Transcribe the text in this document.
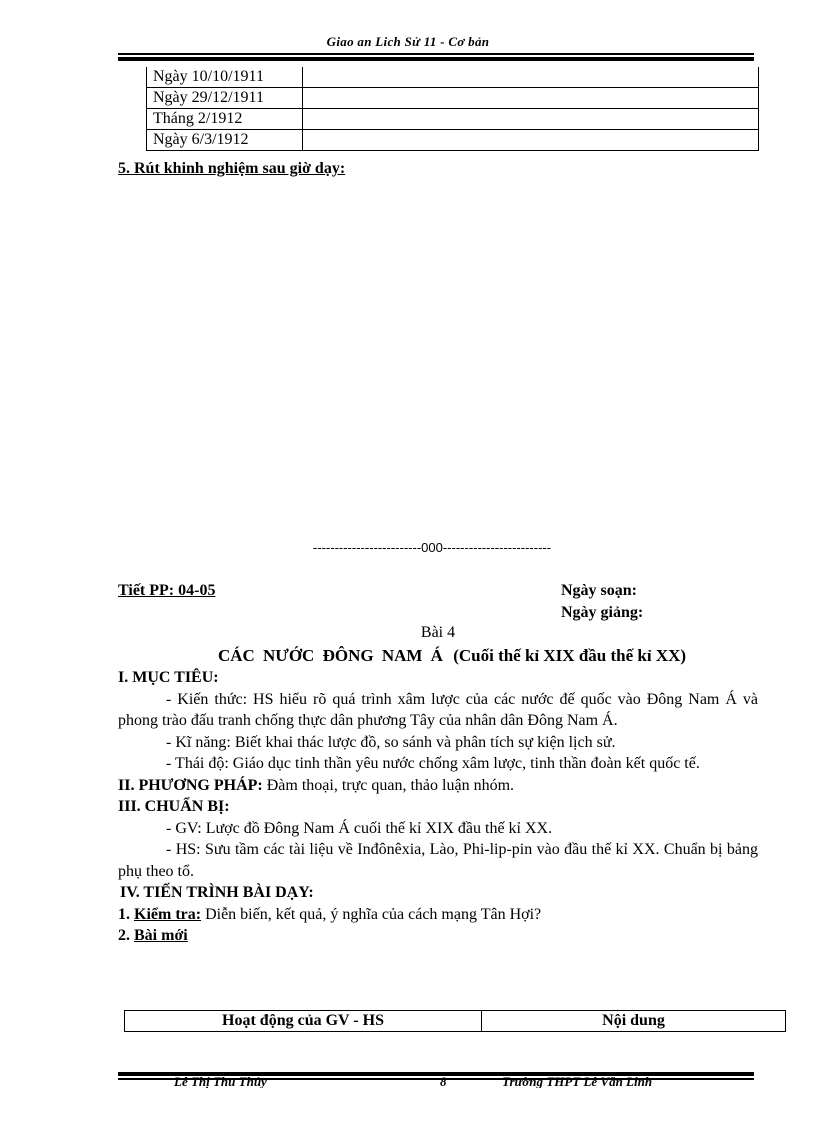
Giao an Lich Sử 11 - Cơ bản
Ngày 10/10/1911	
Ngày 29/12/1911	
Tháng 2/1912	
Ngày 6/3/1912	
5. Rút khinh nghiệm sau giờ dạy:
-------------------------000-------------------------
Tiết PP: 04-05	Ngày soạn:
Ngày giảng:
Bài 4
CÁC NƯỚC ĐÔNG NAM Á (Cuối thế kỉ XIX đầu thế kỉ XX)

I. MỤC TIÊU:

- Kiến thức: HS hiểu rõ quá trình xâm lược của các nước đế quốc vào Đông Nam Á và phong trào đấu tranh chống thực dân phương Tây của nhân dân Đông Nam Á.

- Kĩ năng: Biết khai thác lược đồ, so sánh và phân tích sự kiện lịch sử.

- Thái độ: Giáo dục tinh thần yêu nước chống xâm lược, tinh thần đoàn kết quốc tế.

II. PHƯƠNG PHÁP: Đàm thoại, trực quan, thảo luận nhóm.

III. CHUẨN BỊ:

- GV: Lược đồ Đông Nam Á cuối thế kỉ XIX đầu thế kỉ XX.

- HS: Sưu tầm các tài liệu về Inđônêxia, Lào, Phi-lip-pin vào đầu thế kỉ XX. Chuẩn bị bảng phụ theo tổ.

IV. TIẾN TRÌNH BÀI DẠY:

1. Kiểm tra: Diễn biến, kết quả, ý nghĩa của cách mạng Tân Hợi?

2. Bài mới

Hoạt động của GV - HS	Nội dung
Lê Thị Thu Thủy	8	Trường THPT Lê Văn Linh
